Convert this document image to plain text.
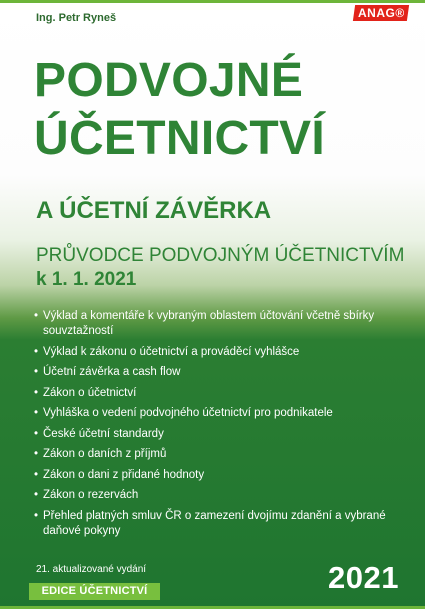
Ing. Petr Ryneš	ANAG®
PODVOJNÉ
ÚČETNICTVÍ
A ÚČETNÍ ZÁVĚRKA
PRŮVODCE PODVOJNÝM ÚČETNICTVÍM
k 1. 1. 2021
• Výklad a komentáře k vybraným oblastem účtování včetně sbírky souvztažností
• Výklad k zákonu o účetnictví a prováděcí vyhlášce
• Účetní závěrka a cash flow
• Zákon o účetnictví
• Vyhláška o vedení podvojného účetnictví pro podnikatele
• České účetní standardy
• Zákon o daních z příjmů
• Zákon o dani z přidané hodnoty
• Zákon o rezervách
• Přehled platných smluv ČR o zamezení dvojímu zdanění a vybrané daňové pokyny
21. aktualizované vydání
EDICE ÚČETNICTVÍ	2021
